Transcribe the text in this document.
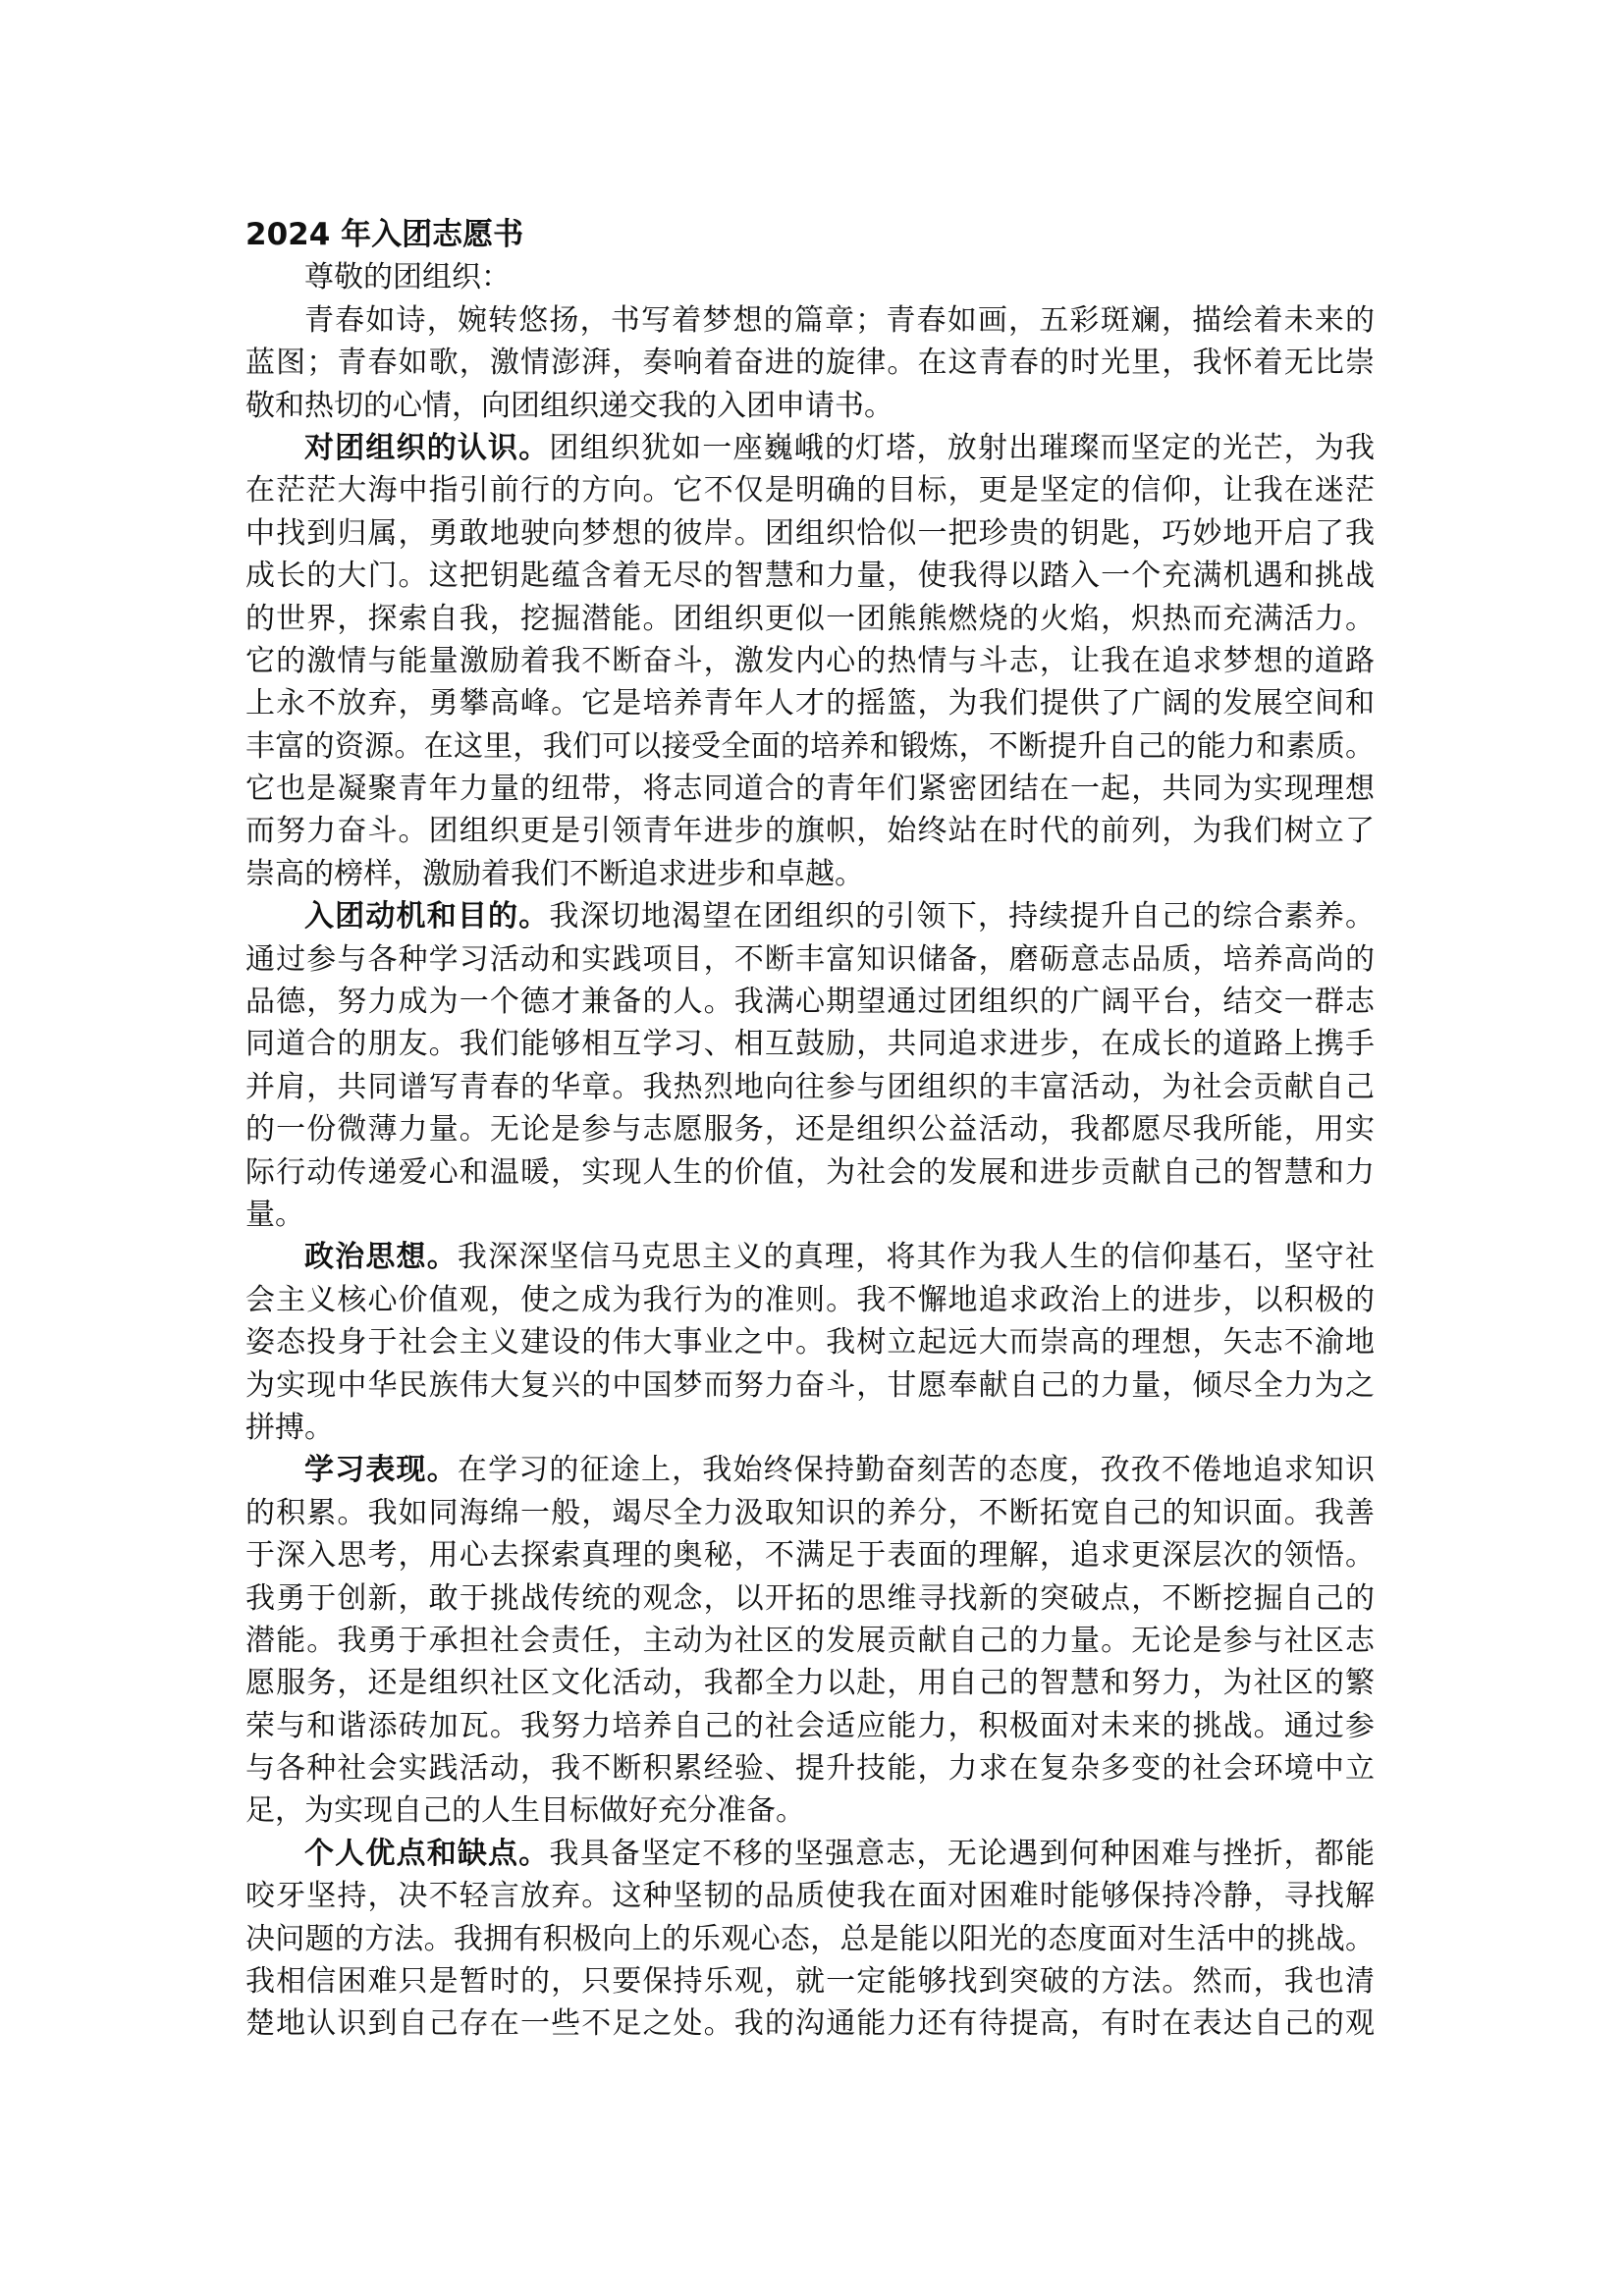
2024 年入团志愿书
尊敬的团组织：
青春如诗，婉转悠扬，书写着梦想的篇章；青春如画，五彩斑斓，描绘着未来的
蓝图；青春如歌，激情澎湃，奏响着奋进的旋律。在这青春的时光里，我怀着无比崇
敬和热切的心情，向团组织递交我的入团申请书。
对团组织的认识。团组织犹如一座巍峨的灯塔，放射出璀璨而坚定的光芒，为我
在茫茫大海中指引前行的方向。它不仅是明确的目标，更是坚定的信仰，让我在迷茫
中找到归属，勇敢地驶向梦想的彼岸。团组织恰似一把珍贵的钥匙，巧妙地开启了我
成长的大门。这把钥匙蕴含着无尽的智慧和力量，使我得以踏入一个充满机遇和挑战
的世界，探索自我，挖掘潜能。团组织更似一团熊熊燃烧的火焰，炽热而充满活力。
它的激情与能量激励着我不断奋斗，激发内心的热情与斗志，让我在追求梦想的道路
上永不放弃，勇攀高峰。它是培养青年人才的摇篮，为我们提供了广阔的发展空间和
丰富的资源。在这里，我们可以接受全面的培养和锻炼，不断提升自己的能力和素质。
它也是凝聚青年力量的纽带，将志同道合的青年们紧密团结在一起，共同为实现理想
而努力奋斗。团组织更是引领青年进步的旗帜，始终站在时代的前列，为我们树立了
崇高的榜样，激励着我们不断追求进步和卓越。
入团动机和目的。我深切地渴望在团组织的引领下，持续提升自己的综合素养。
通过参与各种学习活动和实践项目，不断丰富知识储备，磨砺意志品质，培养高尚的
品德，努力成为一个德才兼备的人。我满心期望通过团组织的广阔平台，结交一群志
同道合的朋友。我们能够相互学习、相互鼓励，共同追求进步，在成长的道路上携手
并肩，共同谱写青春的华章。我热烈地向往参与团组织的丰富活动，为社会贡献自己
的一份微薄力量。无论是参与志愿服务，还是组织公益活动，我都愿尽我所能，用实
际行动传递爱心和温暖，实现人生的价值，为社会的发展和进步贡献自己的智慧和力
量。
政治思想。我深深坚信马克思主义的真理，将其作为我人生的信仰基石，坚守社
会主义核心价值观，使之成为我行为的准则。我不懈地追求政治上的进步，以积极的
姿态投身于社会主义建设的伟大事业之中。我树立起远大而崇高的理想，矢志不渝地
为实现中华民族伟大复兴的中国梦而努力奋斗，甘愿奉献自己的力量，倾尽全力为之
拼搏。
学习表现。在学习的征途上，我始终保持勤奋刻苦的态度，孜孜不倦地追求知识
的积累。我如同海绵一般，竭尽全力汲取知识的养分，不断拓宽自己的知识面。我善
于深入思考，用心去探索真理的奥秘，不满足于表面的理解，追求更深层次的领悟。
我勇于创新，敢于挑战传统的观念，以开拓的思维寻找新的突破点，不断挖掘自己的
潜能。我勇于承担社会责任，主动为社区的发展贡献自己的力量。无论是参与社区志
愿服务，还是组织社区文化活动，我都全力以赴，用自己的智慧和努力，为社区的繁
荣与和谐添砖加瓦。我努力培养自己的社会适应能力，积极面对未来的挑战。通过参
与各种社会实践活动，我不断积累经验、提升技能，力求在复杂多变的社会环境中立
足，为实现自己的人生目标做好充分准备。
个人优点和缺点。我具备坚定不移的坚强意志，无论遇到何种困难与挫折，都能
咬牙坚持，决不轻言放弃。这种坚韧的品质使我在面对困难时能够保持冷静，寻找解
决问题的方法。我拥有积极向上的乐观心态，总是能以阳光的态度面对生活中的挑战。
我相信困难只是暂时的，只要保持乐观，就一定能够找到突破的方法。然而，我也清
楚地认识到自己存在一些不足之处。我的沟通能力还有待提高，有时在表达自己的观
